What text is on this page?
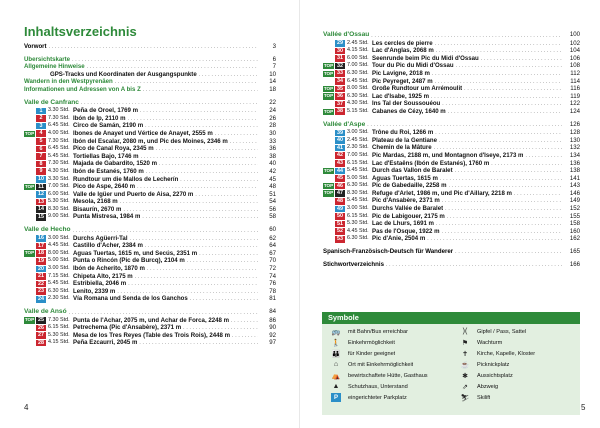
Inhaltsverzeichnis
Vorwort . . .	3
Übersichtskarte . . .	6
Allgemeine Hinweise . . .	7
GPS-Tracks und Koordinaten der Ausgangspunkte . . .	10
Wandern in den Westpyrenäen . . .	14
Informationen und Adressen von A bis Z . . .	18
Valle de Canfranc . . .	22
1	3.30 Std. Peña de Oroel, 1769 m . . .	24
2	7.30 Std. Ibón de Ip, 2110 m . . .	26
3	6.45 Std. Circo de Samán, 2190 m . . .	28
TOP 4	4.00 Std. Ibones de Anayet und Vértice de Anayet, 2555 m . . .	30
5	7.30 Std. Ibón del Escalar, 2080 m, und Pic des Moines, 2346 m . . .	33
6	6.45 Std. Pico de Canal Roya, 2345 m . . .	36
7	5.45 Std. Tortiellas Bajo, 1746 m . . .	38
8	7.30 Std. Majada de Gabardito, 1520 m . . .	40
9	4.30 Std. Ibón de Estanés, 1760 m . . .	42
10 3.30 Std. Rundtour um die Mallos de Lecherín . . .	45
TOP 11 7.00 Std. Pico de Aspe, 2640 m . . .	48
12 6.00 Std. Valle de Igüer und Puerto de Aisa, 2270 m . . .	51
13 5.30 Std. Mesola, 2168 m . . .	54
14 8.30 Std. Bisaurín, 2670 m . . .	56
15 9.00 Std. Punta Mistresa, 1984 m . . .	58
Valle de Hecho . . .	60
16 3.00 Std. Durchs Agüerri-Tal . . .	62
17 4.45 Std. Castillo d'Acher, 2384 m . . .	64
TOP 18 8.00 Std. Aguas Tuertas, 1615 m, und Secús, 2351 m . . .	67
19 5.00 Std. Punta o Rincón (Pic de Burcq), 2104 m . . .	70
20 3.00 Std. Ibón de Acherito, 1870 m . . .	72
21 7.15 Std. Chipeta Alto, 2175 m . . .	74
22 5.45 Std. Estribiella, 2046 m . . .	76
23 6.30 Std. Lenito, 2339 m . . .	78
24 2.30 Std. Vía Romana und Senda de los Ganchos . . .	81
Valle de Ansó . . .	84
TOP 25 7.30 Std. Punta de l'Achar, 2075 m, und Achar de Forca, 2248 m . . .	86
26 6.15 Std. Petrechema (Pic d'Ansabère), 2371 m . . .	90
27 5.30 Std. Mesa de los Tres Reyes (Table des Trois Rois), 2448 m . . .	92
28 4.15 Std. Peña Ezcaurri, 2045 m . . .	97
4
Vallée d'Ossau . . .	100
29 2.45 Std. Les cercles de pierre . . .	102
30 4.15 Std. Lac d'Anglas, 2068 m . . .	104
31 6.00 Std. Seenrunde beim Pic du Midi d'Ossau . . .	106
TOP 32 7.00 Std. Tour du Pic du Midi d'Ossau . . .	108
TOP 33 6.30 Std. Pic Lavigne, 2018 m . . .	112
34 6.45 Std. Pic Peyreget, 2487 m . . .	114
TOP 35 8.00 Std. Große Rundtour um Arrémoulit . . .	116
TOP 36 6.30 Std. Lac d'Isabe, 1925 m . . .	119
37 4.30 Std. Ins Tal der Soussouéou . . .	122
TOP 38 5.15 Std. Cabanes de Cézy, 1640 m . . .	124
Vallée d'Aspe . . .	126
39 3.00 Std. Trône du Roi, 1266 m . . .	128
40 2.45 Std. Plateau de la Gentiane . . .	130
41 2.30 Std. Chemin de la Mâture . . .	132
42 7.00 Std. Pic Mardas, 2188 m, und Montagnon d'Iseye, 2173 m . . .	134
43 6.15 Std. Lac d'Estaëns (Ibón de Estanés), 1760 m . . .	136
TOP 44 5.45 Std. Durch das Vallon de Baralet . . .	138
45 5.00 Std. Aguas Tuertas, 1615 m . . .	141
TOP 46 6.30 Std. Pic de Gabedaille, 2258 m . . .	143
TOP 47 8.30 Std. Refuge d'Arlet, 1986 m, und Pic d'Aillary, 2218 m . . .	146
48 5.45 Std. Pic d'Ansabère, 2371 m . . .	149
49 3.00 Std. Durchs Vallée de Baralet . . .	152
50 6.15 Std. Pic de Labigouer, 2175 m . . .	155
51 5.30 Std. Lac de Lhurs, 1691 m . . .	158
52 4.45 Std. Pas de l'Osque, 1922 m . . .	160
53 6.30 Std. Pic d'Anie, 2504 m . . .	162
Spanisch-Französisch-Deutsch für Wanderer . . .	165
Stichwortverzeichnis . . .	166
Symbole
🚌	mit Bahn/Bus erreichbar
🚶	Einkehrmöglichkeit
👪	für Kinder geeignet
⌂	Ort mit Einkehrmöglichkeit
⛺	bewirtschaftete Hütte, Gasthaus
▲	Schutzhaus, Unterstand
P	eingerichteter Parkplatz
)(	Gipfel / Pass, Sattel
⚑	Wachturm
✝	Kirche, Kapelle, Kloster
☕	Picknickplatz
✱	Aussichtsplatz
⇗	Abzweig
⛷	Skilift
5
